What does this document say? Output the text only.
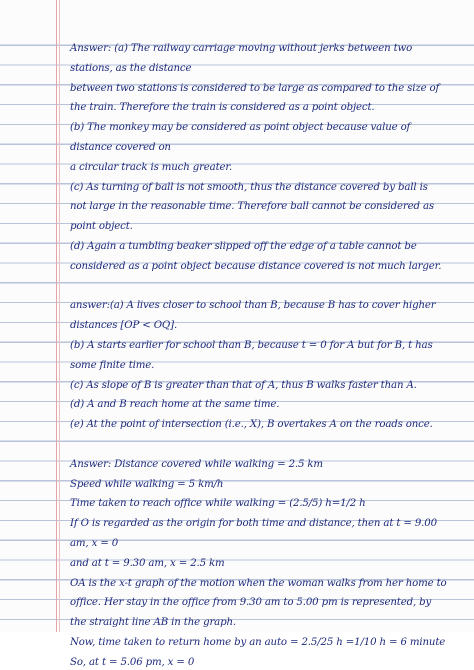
Answer: (a) The railway carriage moving without jerks between two
stations, as the distance
between two stations is considered to be large as compared to the size of
the train. Therefore the train is considered as a point object.
(b) The monkey may be considered as point object because value of
distance covered on
a circular track is much greater.
(c) As turning of ball is not smooth, thus the distance covered by ball is
not large in the reasonable time. Therefore ball cannot be considered as
point object.
(d) Again a tumbling beaker slipped off the edge of a table cannot be
considered as a point object because distance covered is not much larger.
answer:(a) A lives closer to school than B, because B has to cover higher
distances [OP < OQ].
(b) A starts earlier for school than B, because t = 0 for A but for B, t has
some finite time.
(c) As slope of B is greater than that of A, thus B walks faster than A.
(d) A and B reach home at the same time.
(e) At the point of intersection (i.e., X), B overtakes A on the roads once.
Answer: Distance covered while walking = 2.5 km
Speed while walking = 5 km/h
Time taken to reach office while walking = (2.5/5) h=1/2 h
If O is regarded as the origin for both time and distance, then at t = 9.00
am, x = 0
and at t = 9.30 am, x = 2.5 km
OA is the x-t graph of the motion when the woman walks from her home to
office. Her stay in the office from 9.30 am to 5.00 pm is represented, by
the straight line AB in the graph.
Now, time taken to return home by an auto = 2.5/25 h =1/10 h = 6 minute
So, at t = 5.06 pm, x = 0
